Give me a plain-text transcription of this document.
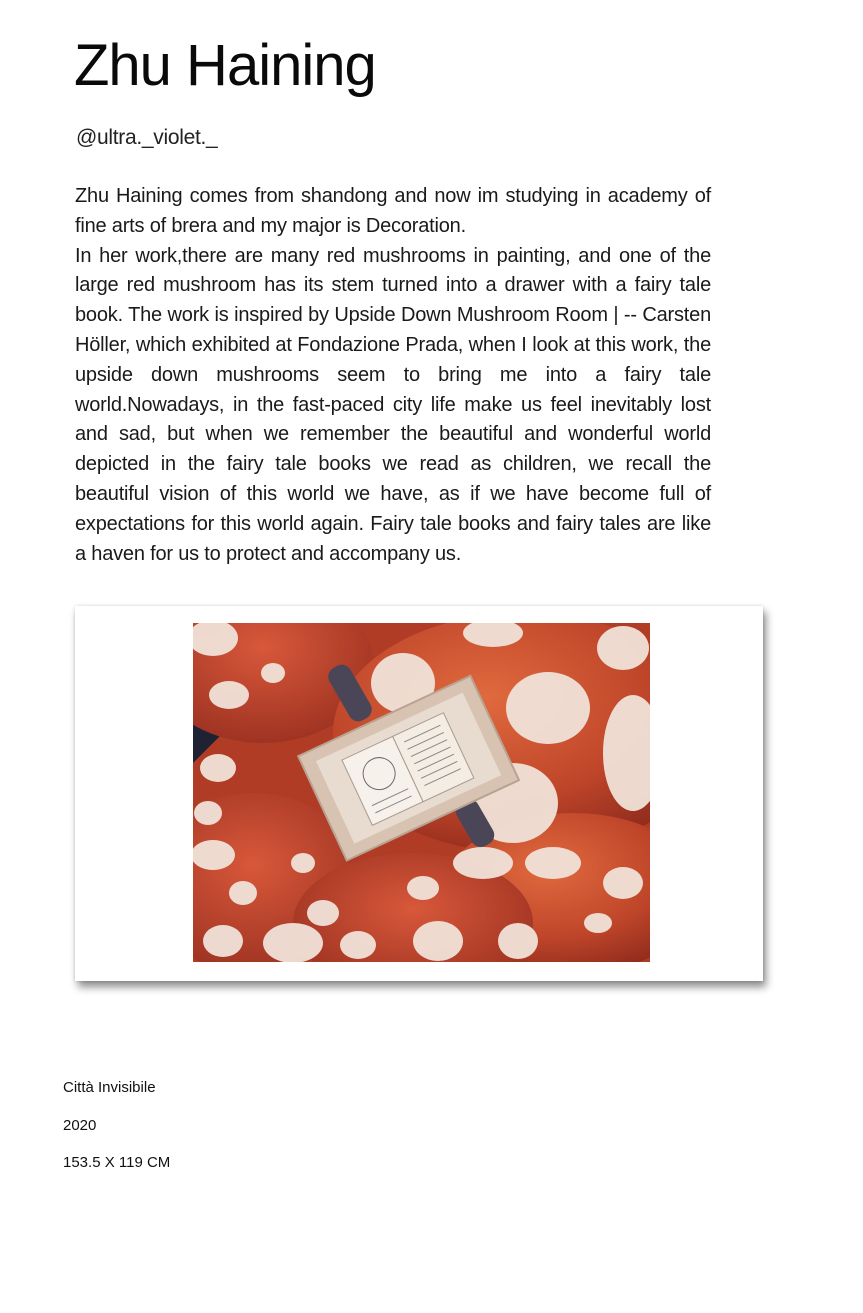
Zhu Haining
@ultra._violet._

Zhu Haining comes from shandong and now im studying in academy of fine arts of brera and my major is Decoration.

In her work,there are many red mushrooms in painting, and one of the large red mushroom has its stem turned into a drawer with a fairy tale book. The work is inspired by Upside Down Mushroom Room | -- Carsten Höller, which exhibited at Fondazione Prada, when I look at this work, the upside down mushrooms seem to bring me into a fairy tale world.Nowadays, in the fast-paced city life make us feel inevitably lost and sad, but when we remember the beautiful and wonderful world depicted in the fairy tale books we read as children, we recall the beautiful vision of this world we have, as if we have become full of expectations for this world again. Fairy tale books and fairy tales are like a haven for us to protect and accompany us.

Città Invisibile
2020
153.5 X 119 CM
